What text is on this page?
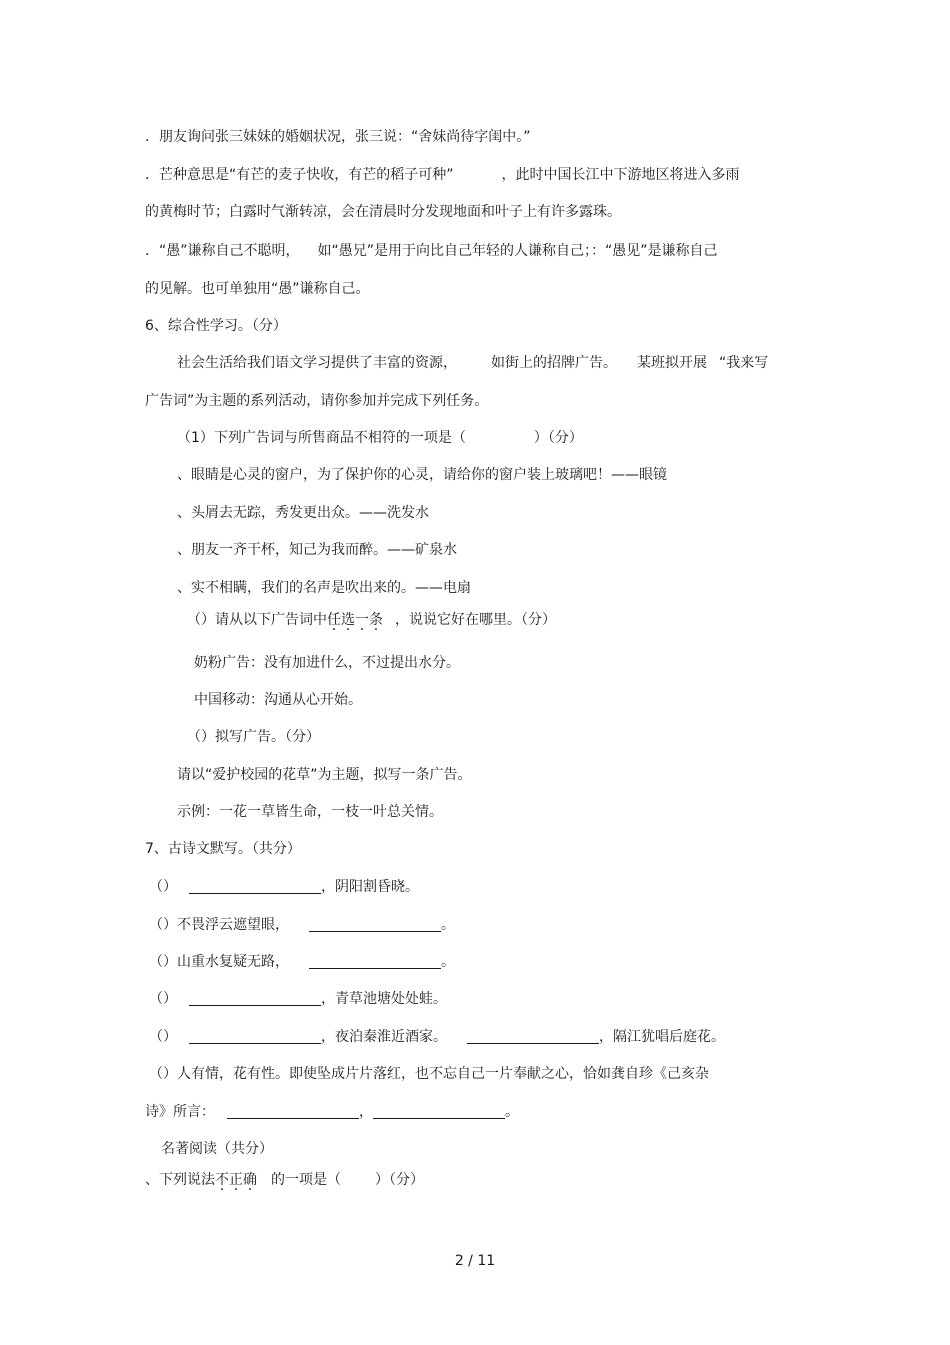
．朋友询问张三妹妹的婚姻状况，张三说：“舍妹尚待字闺中。”
．芒种意思是“有芒的麦子快收，有芒的稻子可种”	，此时中国长江中下游地区将进入多雨
的黄梅时节；白露时气渐转凉，会在清晨时分发现地面和叶子上有许多露珠。
．“愚”谦称自己不聪明， 如“愚兄”是用于向比自己年轻的人谦称自己；：“愚见”是谦称自己
的见解。也可单独用“愚”谦称自己。
6、综合性学习。（分）
社会生活给我们语文学习提供了丰富的资源， 如街上的招牌广告。 某班拟开展 “我来写
广告词”为主题的系列活动，请你参加并完成下列任务。
（1）下列广告词与所售商品不相符的一项是（	）（分）
、眼睛是心灵的窗户，为了保护你的心灵，请给你的窗户装上玻璃吧！——眼镜
、头屑去无踪，秀发更出众。——洗发水
、朋友一齐干杯，知己为我而醉。——矿泉水
、实不相瞒，我们的名声是吹出来的。——电扇
（）请从以下广告词中任选一条 ，说说它好在哪里。（分）
奶粉广告：没有加进什么，不过提出水分。
中国移动：沟通从心开始。
（）拟写广告。（分）
请以“爱护校园的花草”为主题，拟写一条广告。
示例：一花一草皆生命，一枝一叶总关情。
7、古诗文默写。（共分）
（）	，阴阳割昏晓。
（）不畏浮云遮望眼，	。
（）山重水复疑无路，	。
（）	，青草池塘处处蛙。
（）	，夜泊秦淮近酒家。	，隔江犹唱后庭花。
（）人有情，花有性。即使坠成片片落红，也不忘自己一片奉献之心，恰如龚自珍《己亥杂
诗》所言：	，	。
名著阅读（共分）
、下列说法不正确 的一项是（ ）（分）
2 / 11
